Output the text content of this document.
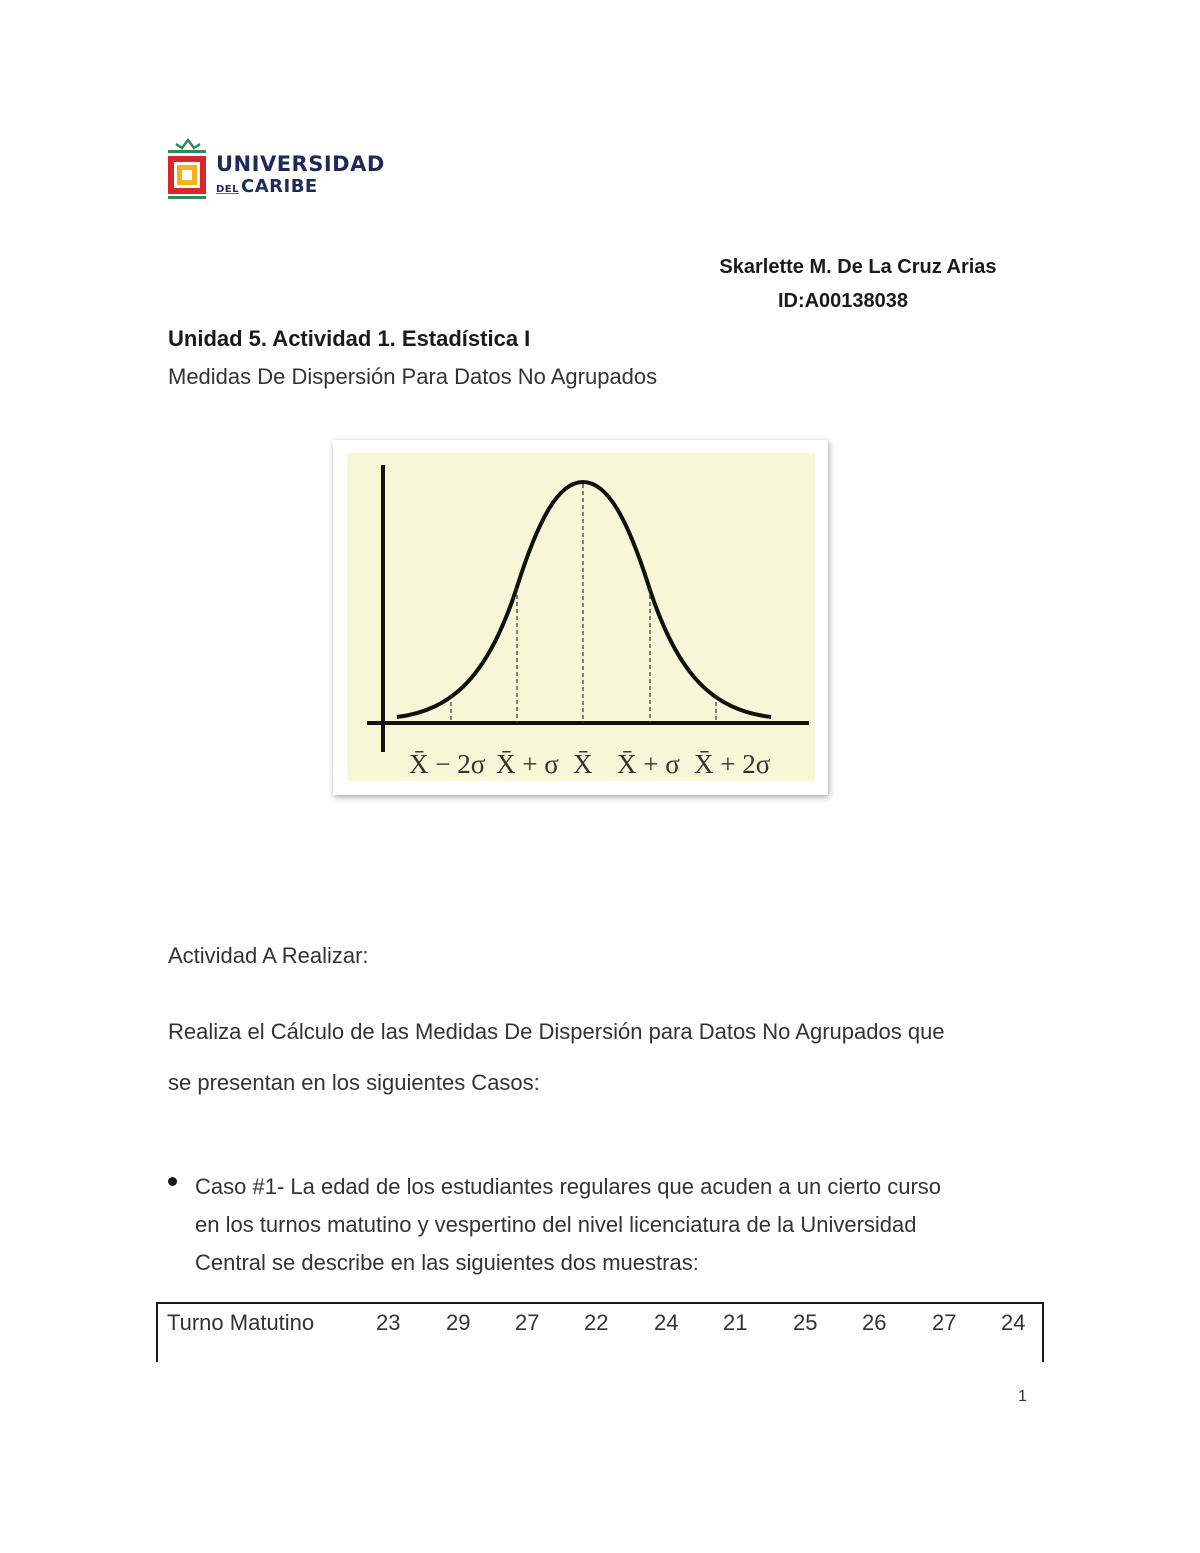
UNIVERSIDAD
DEL CARIBE
Skarlette M. De La Cruz Arias
ID:A00138038
Unidad 5. Actividad 1. Estadística I
Medidas De Dispersión Para Datos No Agrupados
X̄ − 2σ X̄ + σ X̄ X̄ + σ X̄ + 2σ
Actividad A Realizar:
Realiza el Cálculo de las Medidas De Dispersión para Datos No Agrupados que
se presentan en los siguientes Casos:
Caso #1- La edad de los estudiantes regulares que acuden a un cierto curso
en los turnos matutino y vespertino del nivel licenciatura de la Universidad
Central se describe en las siguientes dos muestras:
Turno Matutino	23 29 27 22 24 21 25 26 27 24
1
